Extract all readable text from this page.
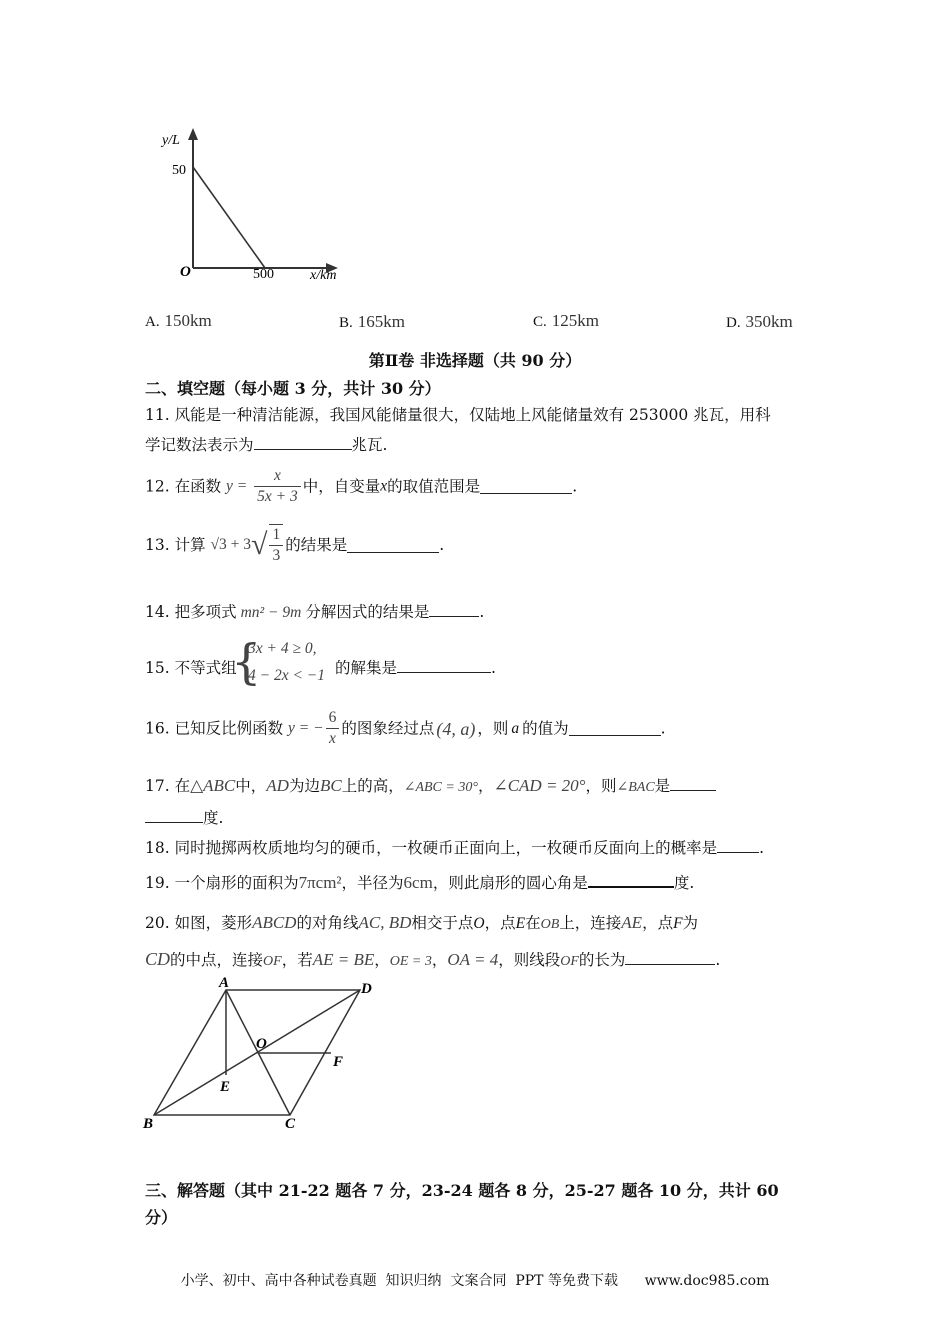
y/L
50
O	500	x/km
A. 150km	B. 165km	C. 125km	D. 350km
第Ⅱ卷 非选择题（共 90 分）
二、填空题（每小题 3 分，共计 30 分）
11. 风能是一种清洁能源，我国风能储量很大，仅陆地上风能储量效有 253000 兆瓦，用科
学记数法表示为	兆瓦.
12. 在函数 $y = \frac{x}{5x + 3}$ 中，自变量x的取值范围是	.
13. 计算 $√3 + 3√ \frac{1}{3}$ 的结果是	.
14. 把多项式 mn² − 9m 分解因式的结果是	.
15. 不等式组
{
3x + 4 ≥ 0,
4 − 2x < −1 的解集是	.
16. 已知反比例函数 y = − $\frac{6}{x}$ 的图象经过点 (4, a) ，则 a 的值为	.
17. 在△ABC中，AD为边BC上的高，∠ABC = 30°，∠CAD = 20°，则∠BAC是
度.
18. 同时抛掷两枚质地均匀的硬币，一枚硬币正面向上，一枚硬币反面向上的概率是	.
19. 一个扇形的面积为7πcm²，半径为6cm，则此扇形的圆心角是	度.
20. 如图，菱形ABCD的对角线AC, BD相交于点O，点E在OB上，连接AE，点F为
CD的中点，连接OF，若AE = BE，OE = 3，OA = 4，则线段OF的长为	.
A	D
O
F
E
B	C
三、解答题（其中 21-22 题各 7 分，23-24 题各 8 分，25-27 题各 10 分，共计 60
分）
小学、初中、高中各种试卷真题  知识归纳  文案合同  PPT 等免费下载      www.doc985.com
